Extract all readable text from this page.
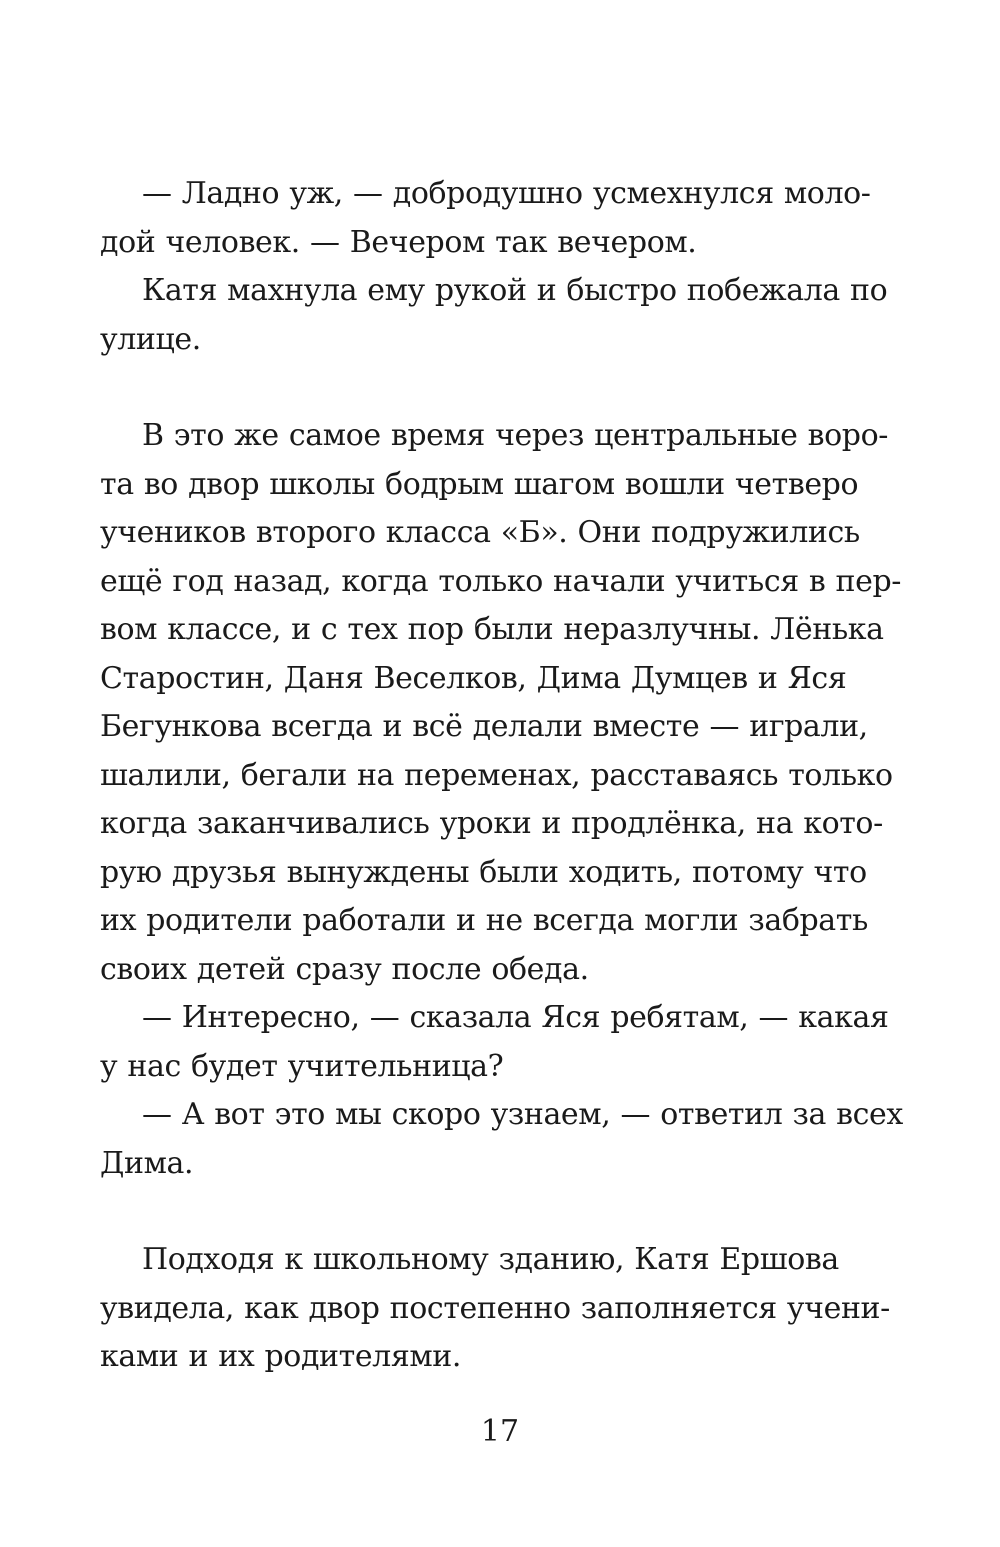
— Ладно уж, — добродушно усмехнулся моло-
дой человек. — Вечером так вечером.
Катя махнула ему рукой и быстро побежала по
улице.
В это же самое время через центральные воро-
та во двор школы бодрым шагом вошли четверо
учеников второго класса «Б». Они подружились
ещё год назад, когда только начали учиться в пер-
вом классе, и с тех пор были неразлучны. Лёнька
Старостин, Даня Веселков, Дима Думцев и Яся
Бегункова всегда и всё делали вместе — играли,
шалили, бегали на переменах, расставаясь только
когда заканчивались уроки и продлёнка, на кото-
рую друзья вынуждены были ходить, потому что
их родители работали и не всегда могли забрать
своих детей сразу после обеда.
— Интересно, — сказала Яся ребятам, — какая
у нас будет учительница?
— А вот это мы скоро узнаем, — ответил за всех
Дима.
Подходя к школьному зданию, Катя Ершова
увидела, как двор постепенно заполняется учени-
ками и их родителями.
17
